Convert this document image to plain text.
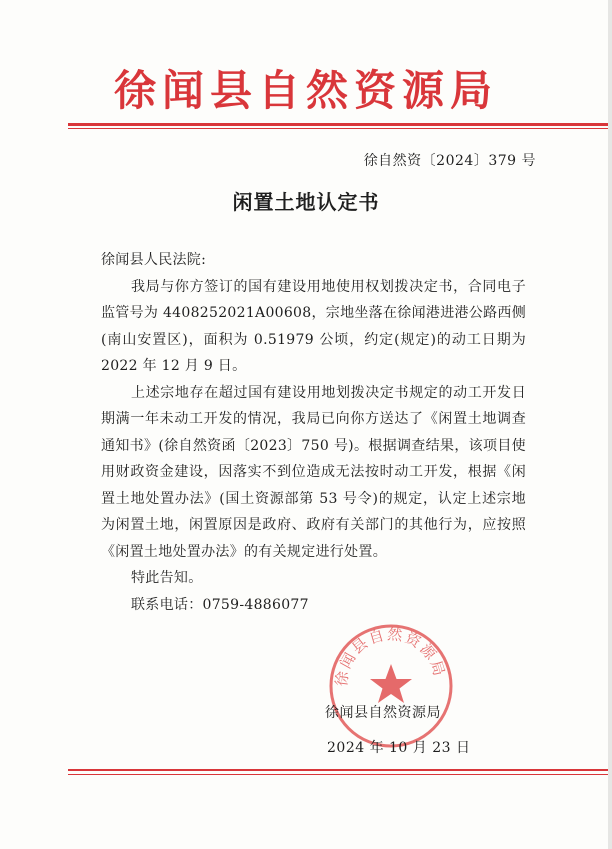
徐闻县自然资源局
徐自然资〔2024〕379 号
闲置土地认定书

徐闻县人民法院:

我局与你方签订的国有建设用地使用权划拨决定书，合同电子监管号为 4408252021A00608，宗地坐落在徐闻港进港公路西侧(南山安置区)，面积为 0.51979 公顷，约定(规定)的动工日期为 2022 年 12 月 9 日。

上述宗地存在超过国有建设用地划拨决定书规定的动工开发日期满一年未动工开发的情况，我局已向你方送达了《闲置土地调查通知书》(徐自然资函〔2023〕750 号)。根据调查结果，该项目使用财政资金建设，因落实不到位造成无法按时动工开发，根据《闲置土地处置办法》(国土资源部第 53 号令)的规定，认定上述宗地为闲置土地，闲置原因是政府、政府有关部门的其他行为，应按照《闲置土地处置办法》的有关规定进行处置。

特此告知。

联系电话：0759-4886077

徐闻县自然资源局
徐闻县自然资源局
2024 年 10 月 23 日
